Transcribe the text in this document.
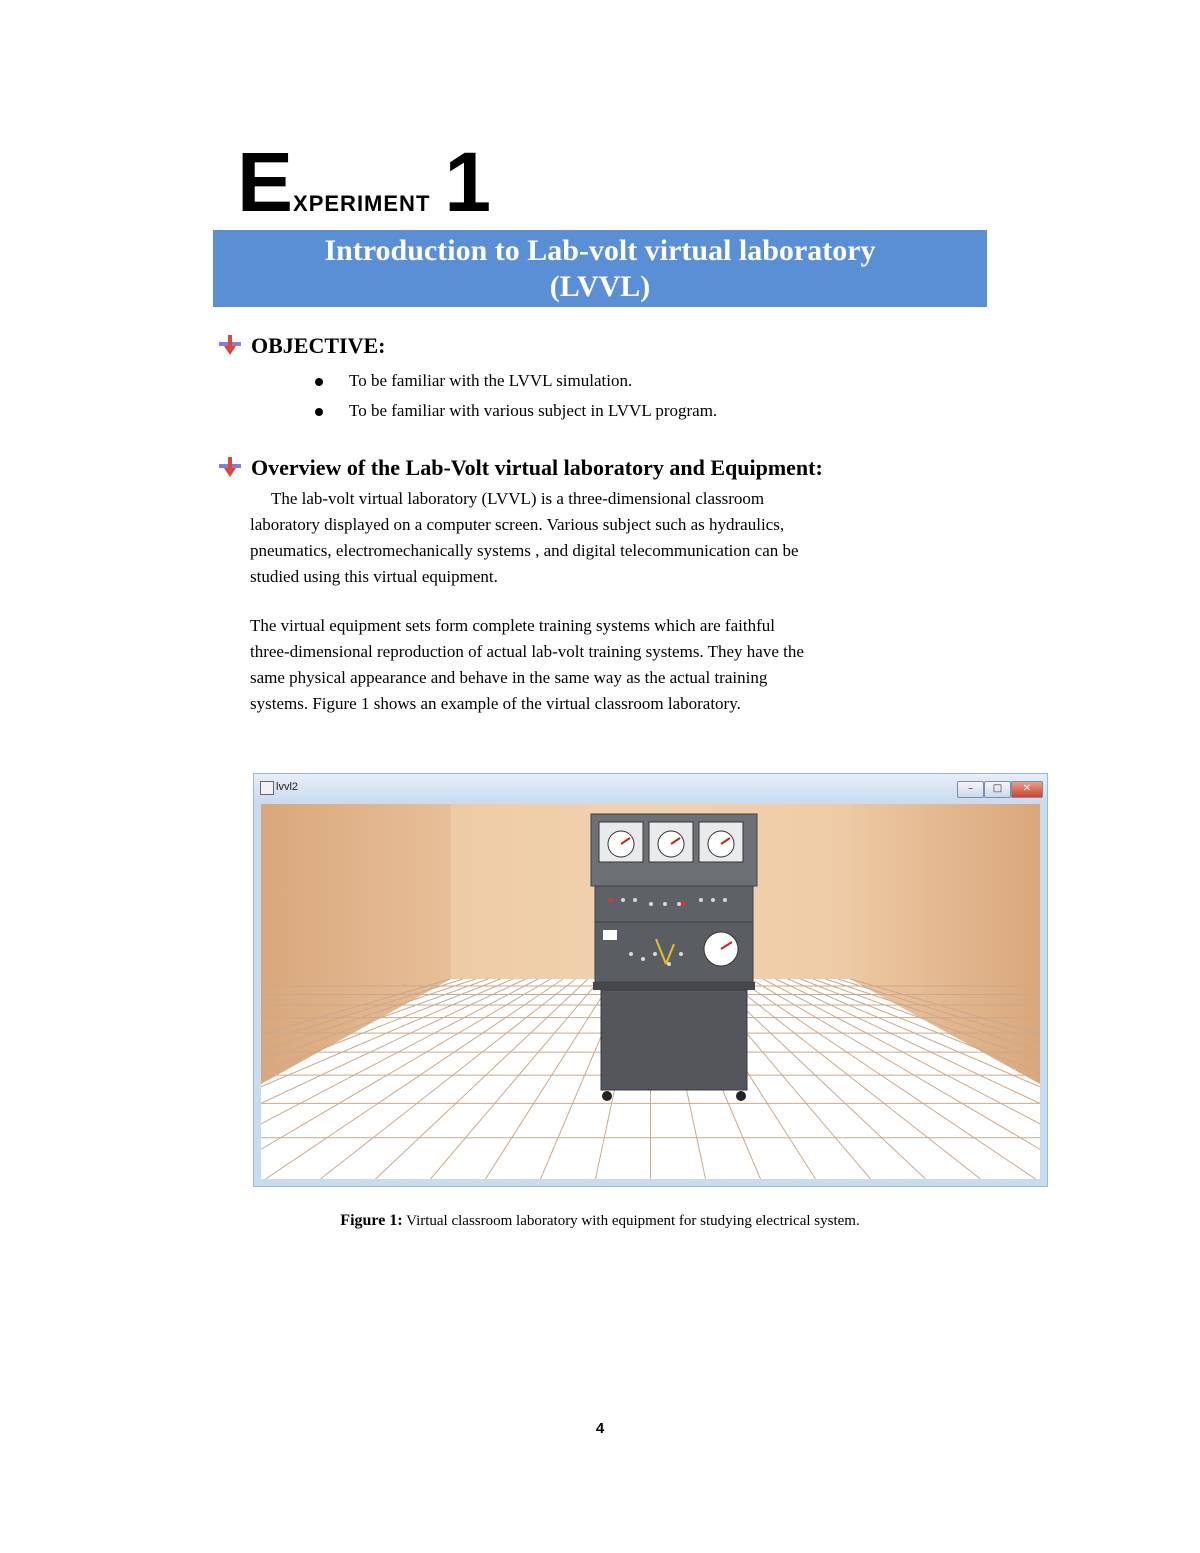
EXPERIMENT 1
Introduction to Lab-volt virtual laboratory
(LVVL)
OBJECTIVE:
To be familiar with the LVVL simulation.
To be familiar with various subject in LVVL program.
Overview of the Lab-Volt virtual laboratory and Equipment:

The lab-volt virtual laboratory (LVVL) is a three-dimensional classroom

laboratory displayed on a computer screen. Various subject such as hydraulics,

pneumatics, electromechanically systems , and digital telecommunication can be

studied using this virtual equipment.

The virtual equipment sets form complete training systems which are faithful

three-dimensional reproduction of actual lab-volt training systems. They have the

same physical appearance and behave in the same way as the actual training

systems. Figure 1 shows an example of the virtual classroom laboratory.

lvvl2	–	□	✕
Figure 1: Virtual classroom laboratory with equipment for studying electrical system.
4
